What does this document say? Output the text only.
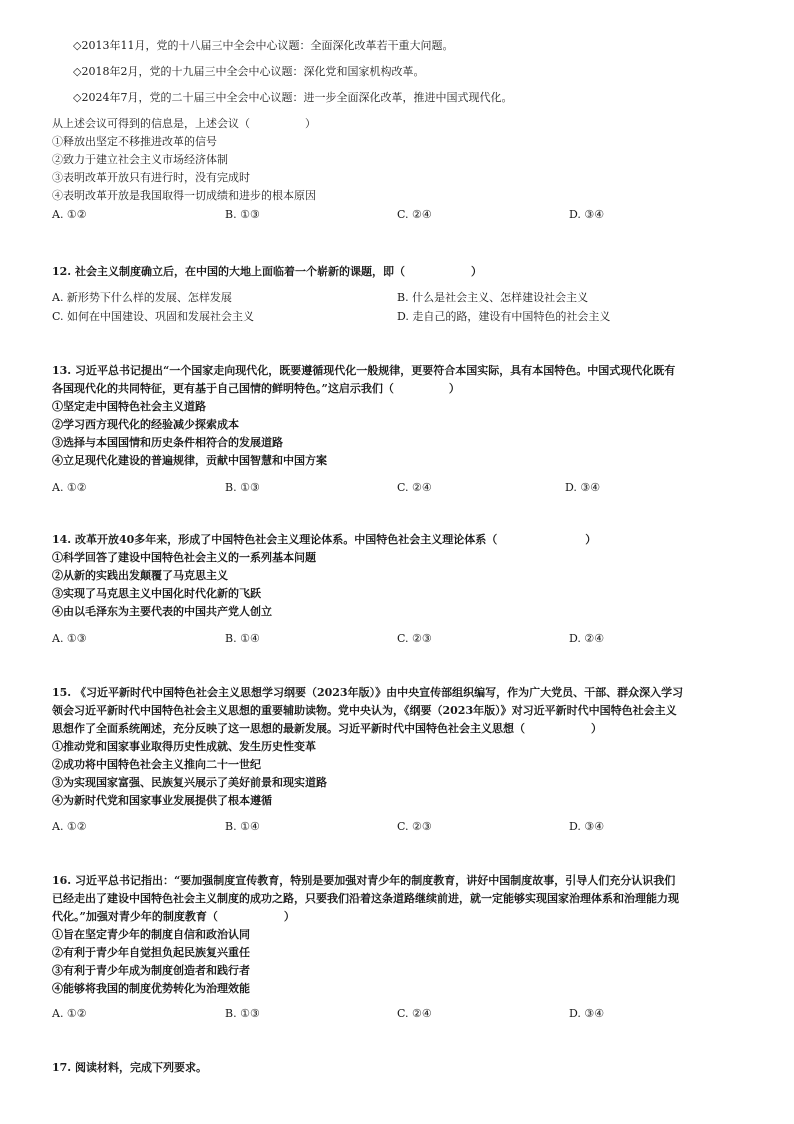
◇2013年11月，党的十八届三中全会中心议题：全面深化改革若干重大问题。
◇2018年2月，党的十九届三中全会中心议题：深化党和国家机构改革。
◇2024年7月，党的二十届三中全会中心议题：进一步全面深化改革，推进中国式现代化。
从上述会议可得到的信息是，上述会议（　　　　　）
①释放出坚定不移推进改革的信号
②致力于建立社会主义市场经济体制
③表明改革开放只有进行时，没有完成时
④表明改革开放是我国取得一切成绩和进步的根本原因
A. ①②	B. ①③	C. ②④	D. ③④
12. 社会主义制度确立后，在中国的大地上面临着一个崭新的课题，即（　　　　　　）
A. 新形势下什么样的发展、怎样发展	B. 什么是社会主义、怎样建设社会主义
C. 如何在中国建设、巩固和发展社会主义	D. 走自己的路，建设有中国特色的社会主义
13. 习近平总书记提出“一个国家走向现代化，既要遵循现代化一般规律，更要符合本国实际，具有本国特色。中国式现代化既有
各国现代化的共同特征，更有基于自己国情的鲜明特色。”这启示我们（　　　　　）
①坚定走中国特色社会主义道路
②学习西方现代化的经验减少探索成本
③选择与本国国情和历史条件相符合的发展道路
④立足现代化建设的普遍规律，贡献中国智慧和中国方案
A. ①②	B. ①③	C. ②④	D. ③④
14. 改革开放40多年来，形成了中国特色社会主义理论体系。中国特色社会主义理论体系（　　　　　　　　）
①科学回答了建设中国特色社会主义的一系列基本问题
②从新的实践出发颠覆了马克思主义
③实现了马克思主义中国化时代化新的飞跃
④由以毛泽东为主要代表的中国共产党人创立
A. ①③	B. ①④	C. ②③	D. ②④
15. 《习近平新时代中国特色社会主义思想学习纲要（2023年版）》由中央宣传部组织编写，作为广大党员、干部、群众深入学习
领会习近平新时代中国特色社会主义思想的重要辅助读物。党中央认为，《纲要（2023年版）》对习近平新时代中国特色社会主义
思想作了全面系统阐述，充分反映了这一思想的最新发展。习近平新时代中国特色社会主义思想（　　　　　　）
①推动党和国家事业取得历史性成就、发生历史性变革
②成功将中国特色社会主义推向二十一世纪
③为实现国家富强、民族复兴展示了美好前景和现实道路
④为新时代党和国家事业发展提供了根本遵循
A. ①②	B. ①④	C. ②③	D. ③④
16. 习近平总书记指出：“要加强制度宣传教育，特别是要加强对青少年的制度教育，讲好中国制度故事，引导人们充分认识我们
已经走出了建设中国特色社会主义制度的成功之路，只要我们沿着这条道路继续前进，就一定能够实现国家治理体系和治理能力现
代化。”加强对青少年的制度教育（　　　　　　）
①旨在坚定青少年的制度自信和政治认同
②有利于青少年自觉担负起民族复兴重任
③有利于青少年成为制度创造者和践行者
④能够将我国的制度优势转化为治理效能
A. ①②	B. ①③	C. ②④	D. ③④
17. 阅读材料，完成下列要求。
